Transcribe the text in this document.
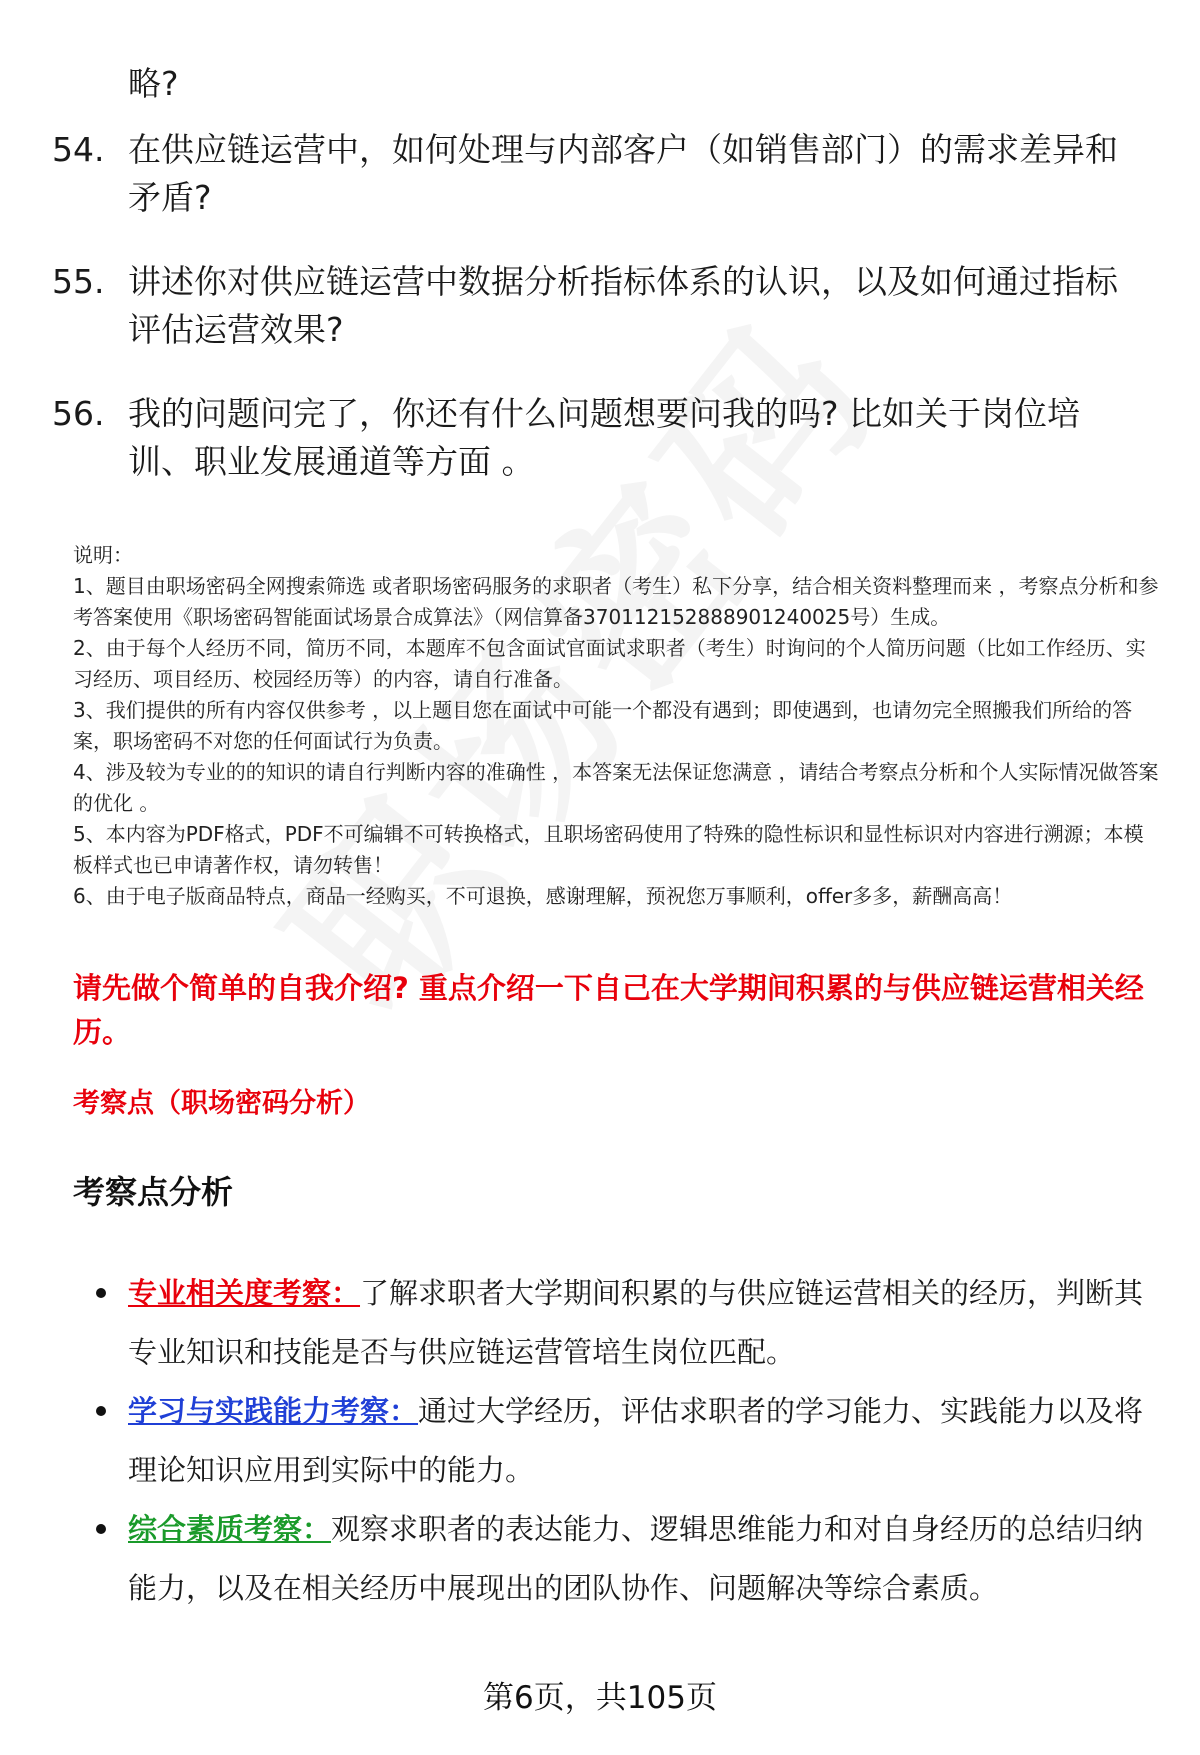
略?
54. 在供应链运营中，如何处理与内部客户（如销售部门）的需求差异和矛盾?
55. 讲述你对供应链运营中数据分析指标体系的认识，以及如何通过指标评估运营效果?
56. 我的问题问完了，你还有什么问题想要问我的吗? 比如关于岗位培训、职业发展通道等方面 。

说明：

1、题目由职场密码全网搜索筛选 或者职场密码服务的求职者（考生）私下分享，结合相关资料整理而来 ，考察点分析和参考答案使用《职场密码智能面试场景合成算法》（网信算备370112152888901240025号）生成。

2、由于每个人经历不同，简历不同，本题库不包含面试官面试求职者（考生）时询问的个人简历问题（比如工作经历、实习经历、项目经历、校园经历等）的内容，请自行准备。

3、我们提供的所有内容仅供参考 ，以上题目您在面试中可能一个都没有遇到；即使遇到，也请勿完全照搬我们所给的答案，职场密码不对您的任何面试行为负责。

4、涉及较为专业的的知识的请自行判断内容的准确性 ，本答案无法保证您满意 ，请结合考察点分析和个人实际情况做答案的优化 。

5、本内容为PDF格式，PDF不可编辑不可转换格式，且职场密码使用了特殊的隐性标识和显性标识对内容进行溯源；本模板样式也已申请著作权，请勿转售！

6、由于电子版商品特点，商品一经购买，不可退换，感谢理解，预祝您万事顺利，offer多多，薪酬高高！

请先做个简单的自我介绍? 重点介绍一下自己在大学期间积累的与供应链运营相关经历。
考察点（职场密码分析）
考察点分析
专业相关度考察：了解求职者大学期间积累的与供应链运营相关的经历，判断其专业知识和技能是否与供应链运营管培生岗位匹配。
学习与实践能力考察：通过大学经历，评估求职者的学习能力、实践能力以及将理论知识应用到实际中的能力。
综合素质考察：观察求职者的表达能力、逻辑思维能力和对自身经历的总结归纳能力，以及在相关经历中展现出的团队协作、问题解决等综合素质。
第6页，共105页
